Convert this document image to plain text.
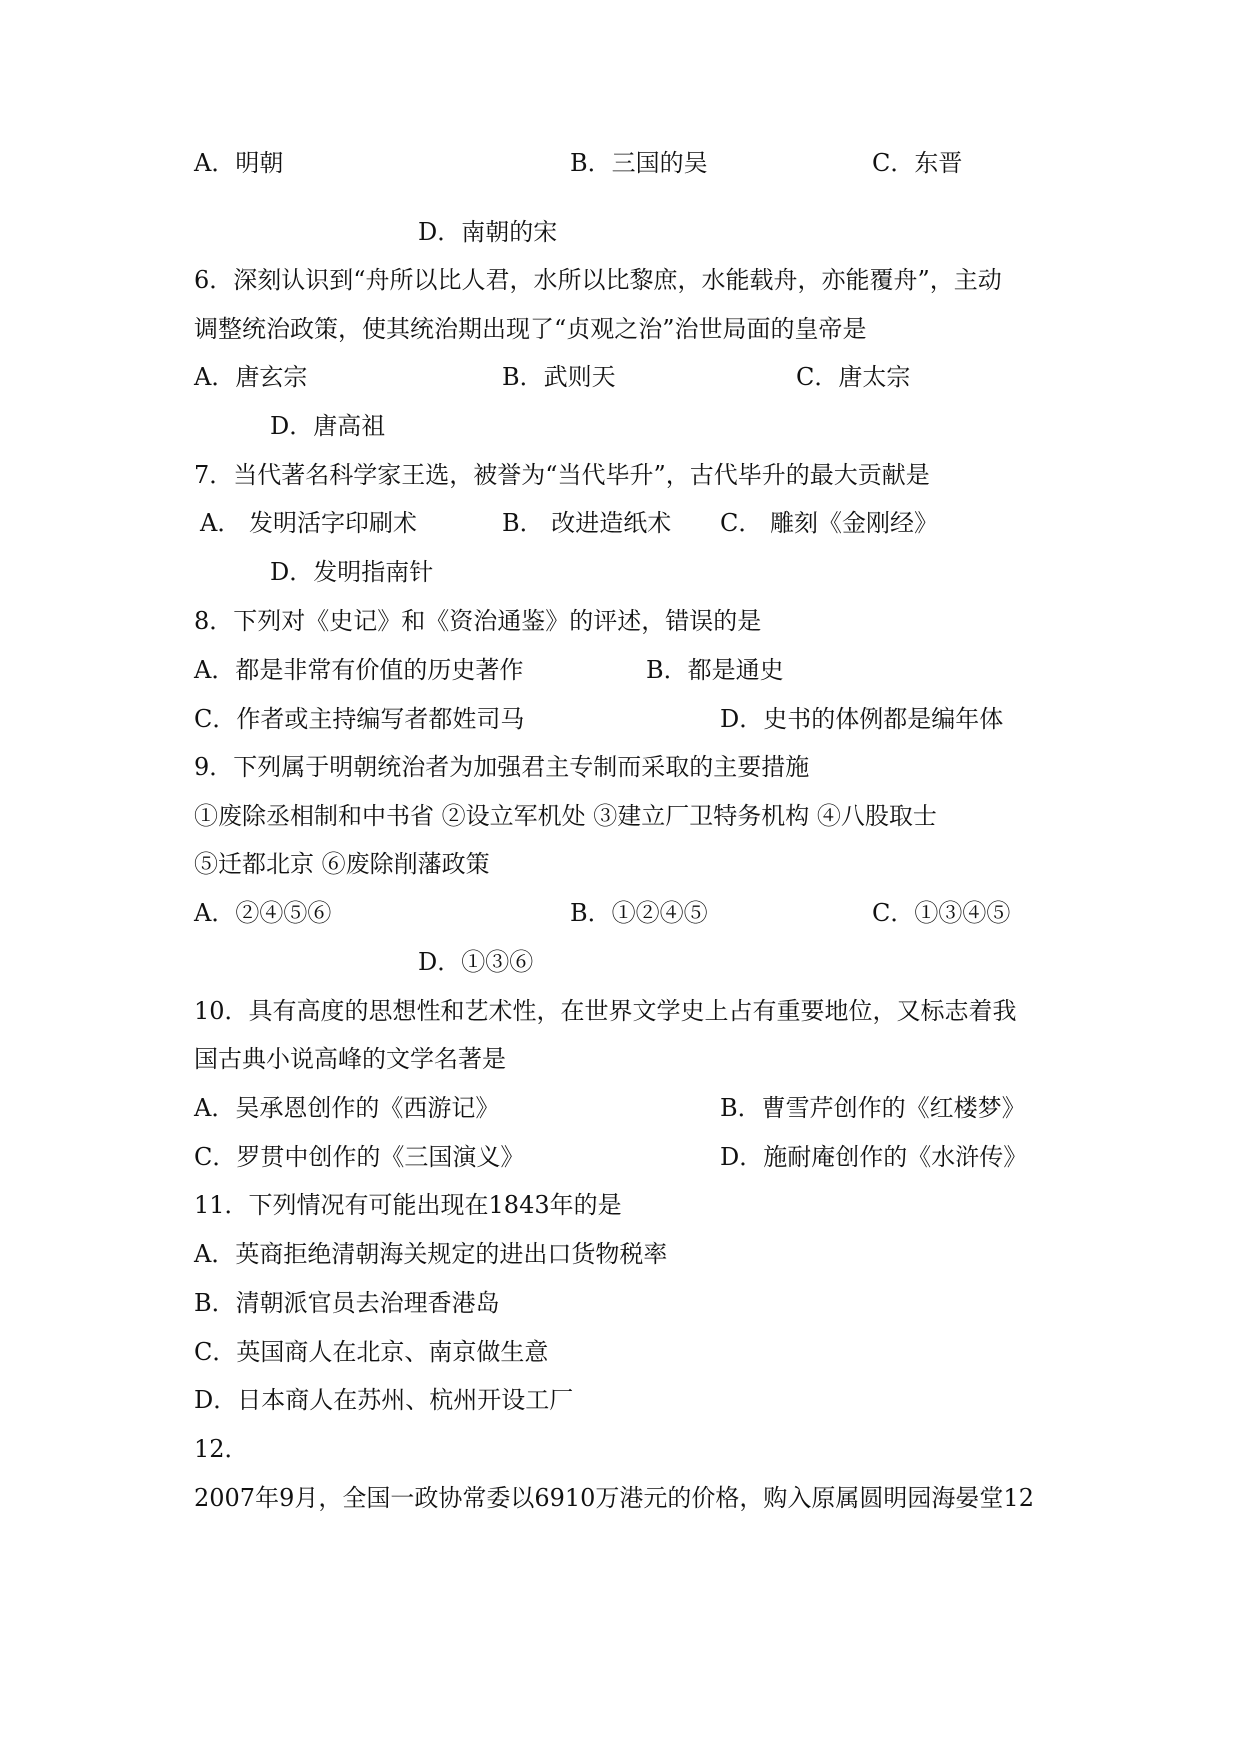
A．明朝	B．三国的吴	C．东晋
D．南朝的宋
6．深刻认识到“舟所以比人君，水所以比黎庶，水能载舟，亦能覆舟”，主动
调整统治政策，使其统治期出现了“贞观之治”治世局面的皇帝是
A．唐玄宗	B．武则天	C．唐太宗
D．唐高祖
7．当代著名科学家王选，被誉为“当代毕升”，古代毕升的最大贡献是
A． 发明活字印刷术	B． 改进造纸术 C． 雕刻《金刚经》
D．发明指南针
8．下列对《史记》和《资治通鉴》的评述，错误的是
A．都是非常有价值的历史著作	B．都是通史
C．作者或主持编写者都姓司马	D．史书的体例都是编年体
9．下列属于明朝统治者为加强君主专制而采取的主要措施
①废除丞相制和中书省 ②设立军机处 ③建立厂卫特务机构 ④八股取士
⑤迁都北京 ⑥废除削藩政策
A．②④⑤⑥	B．①②④⑤	C．①③④⑤
D．①③⑥
10．具有高度的思想性和艺术性，在世界文学史上占有重要地位，又标志着我
国古典小说高峰的文学名著是
A．吴承恩创作的《西游记》	B．曹雪芹创作的《红楼梦》
C．罗贯中创作的《三国演义》	D．施耐庵创作的《水浒传》
11．下列情况有可能出现在1843年的是
A．英商拒绝清朝海关规定的进出口货物税率
B．清朝派官员去治理香港岛
C．英国商人在北京、南京做生意
D．日本商人在苏州、杭州开设工厂
12．
2007年9月，全国一政协常委以6910万港元的价格，购入原属圆明园海晏堂12
